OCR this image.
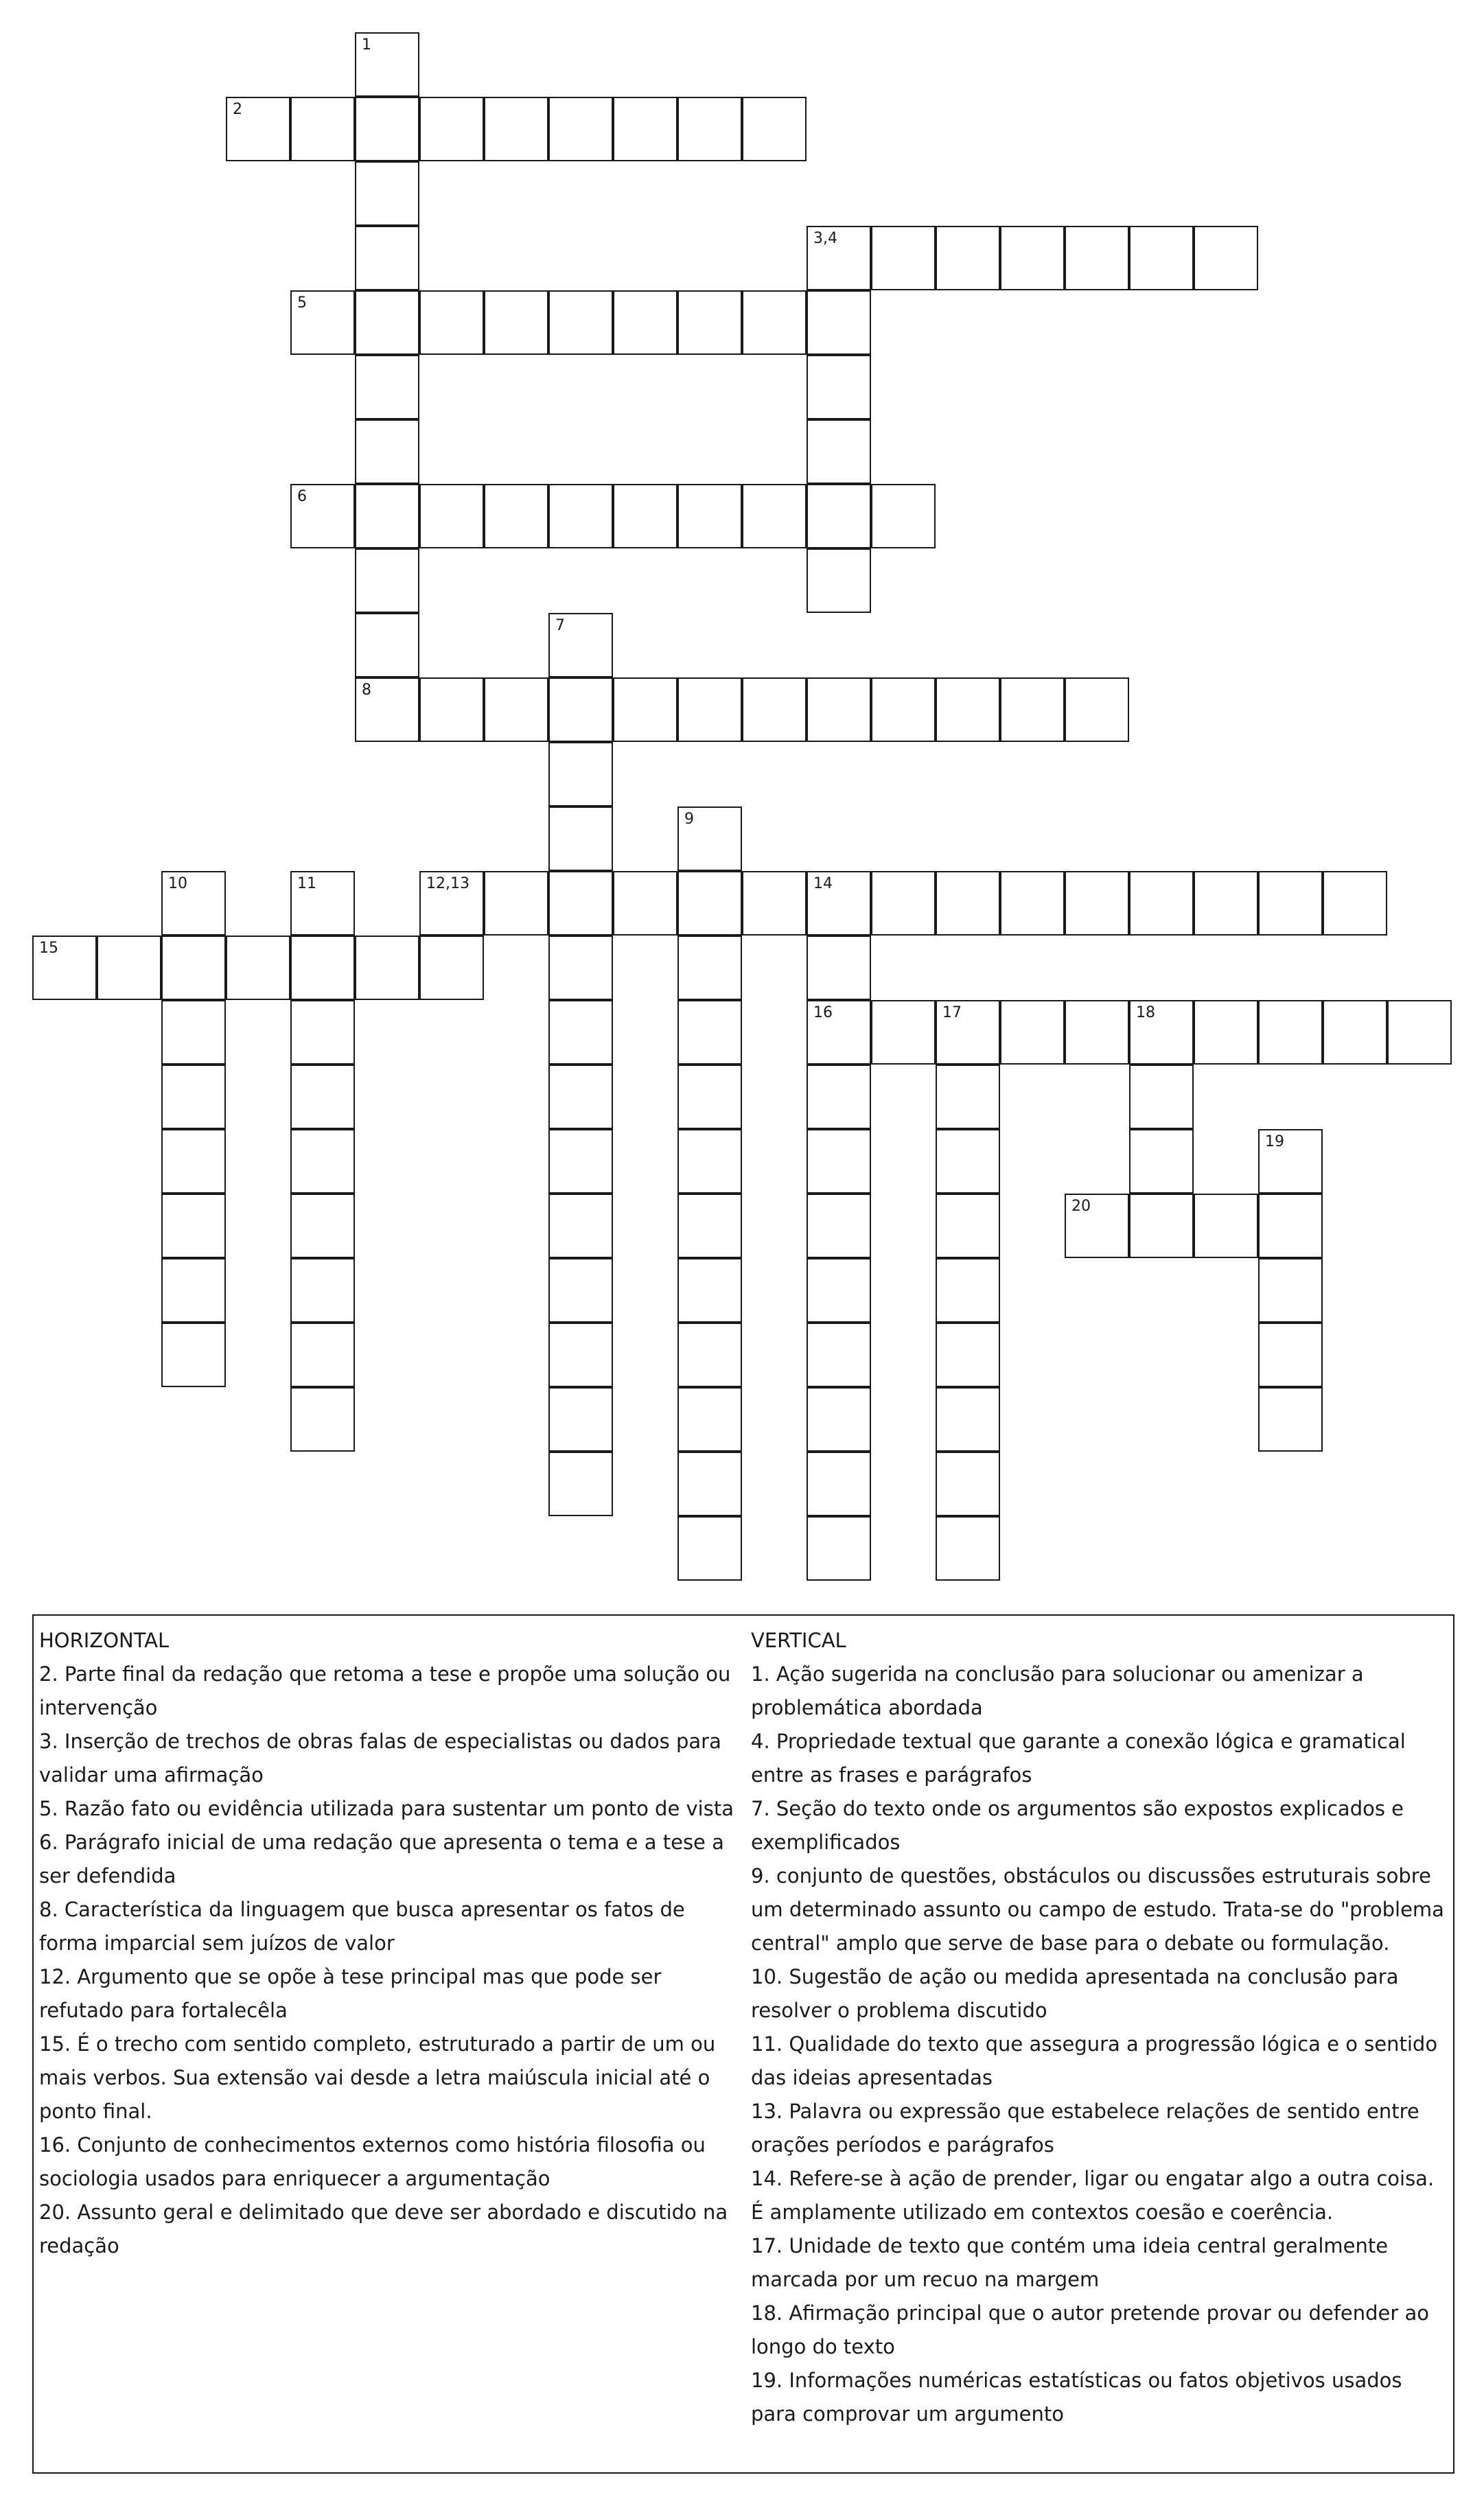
1
2
3,4
5
6
7
8
9
12,13	14
10	11
16
15
17	18
19
20

HORIZONTAL

2. Parte final da redação que retoma a tese e propõe uma solução ou intervenção

3. Inserção de trechos de obras falas de especialistas ou dados para validar uma afirmação

5. Razão fato ou evidência utilizada para sustentar um ponto de vista

6. Parágrafo inicial de uma redação que apresenta o tema e a tese a ser defendida

8. Característica da linguagem que busca apresentar os fatos de forma imparcial sem juízos de valor

12. Argumento que se opõe à tese principal mas que pode ser refutado para fortalecêla

15. É o trecho com sentido completo, estruturado a partir de um ou mais verbos. Sua extensão vai desde a letra maiúscula inicial até o ponto final.

16. Conjunto de conhecimentos externos como história filosofia ou sociologia usados para enriquecer a argumentação

20. Assunto geral e delimitado que deve ser abordado e discutido na redação

VERTICAL

1. Ação sugerida na conclusão para solucionar ou amenizar a problemática abordada

4. Propriedade textual que garante a conexão lógica e gramatical entre as frases e parágrafos

7. Seção do texto onde os argumentos são expostos explicados e exemplificados

9. conjunto de questões, obstáculos ou discussões estruturais sobre um determinado assunto ou campo de estudo. Trata-se do "problema central" amplo que serve de base para o debate ou formulação.

10. Sugestão de ação ou medida apresentada na conclusão para resolver o problema discutido

11. Qualidade do texto que assegura a progressão lógica e o sentido das ideias apresentadas

13. Palavra ou expressão que estabelece relações de sentido entre orações períodos e parágrafos

14. Refere-se à ação de prender, ligar ou engatar algo a outra coisa. É amplamente utilizado em contextos coesão e coerência.

17. Unidade de texto que contém uma ideia central geralmente marcada por um recuo na margem

18. Afirmação principal que o autor pretende provar ou defender ao longo do texto

19. Informações numéricas estatísticas ou fatos objetivos usados para comprovar um argumento
